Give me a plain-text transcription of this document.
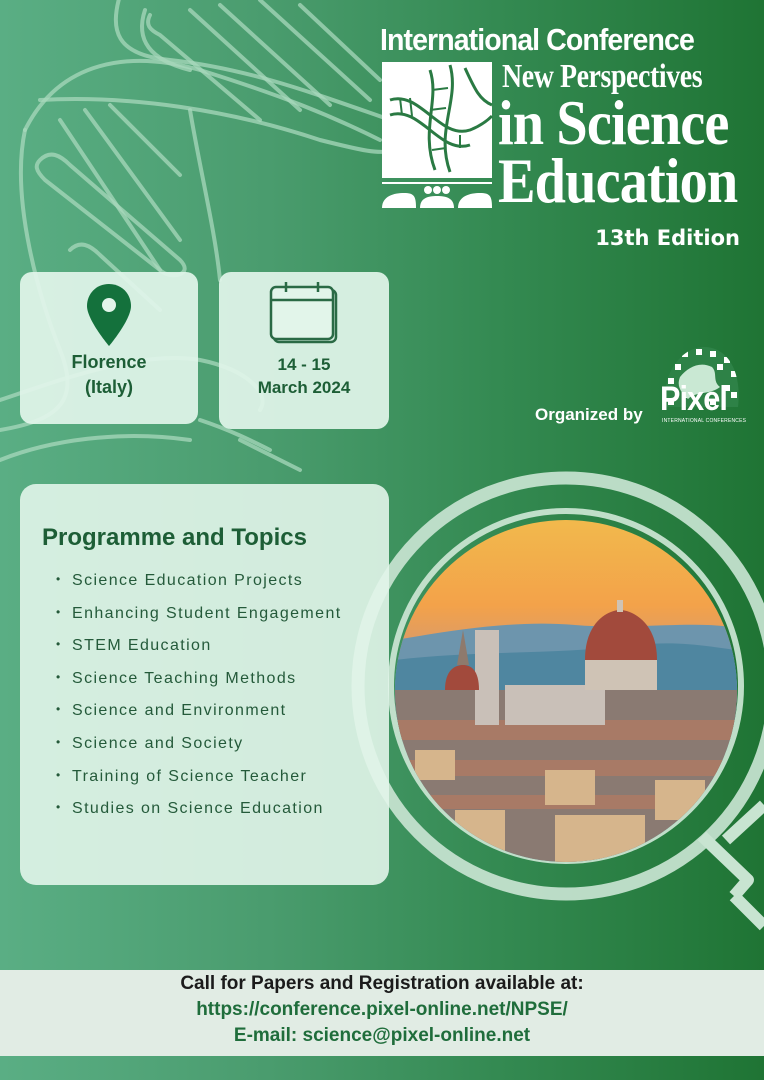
International Conference
New Perspectives
in Science
Education
13th Edition
Florence
(Italy)
14 - 15
March 2024
Organized by Pixel
INTERNATIONAL CONFERENCES
Programme and Topics
• Science Education Projects
• Enhancing Student Engagement
• STEM Education
• Science Teaching Methods
• Science and Environment
• Science and Society
• Training of Science Teacher
• Studies on Science Education
Call for Papers and Registration available at:
https://conference.pixel-online.net/NPSE/
E-mail: science@pixel-online.net
